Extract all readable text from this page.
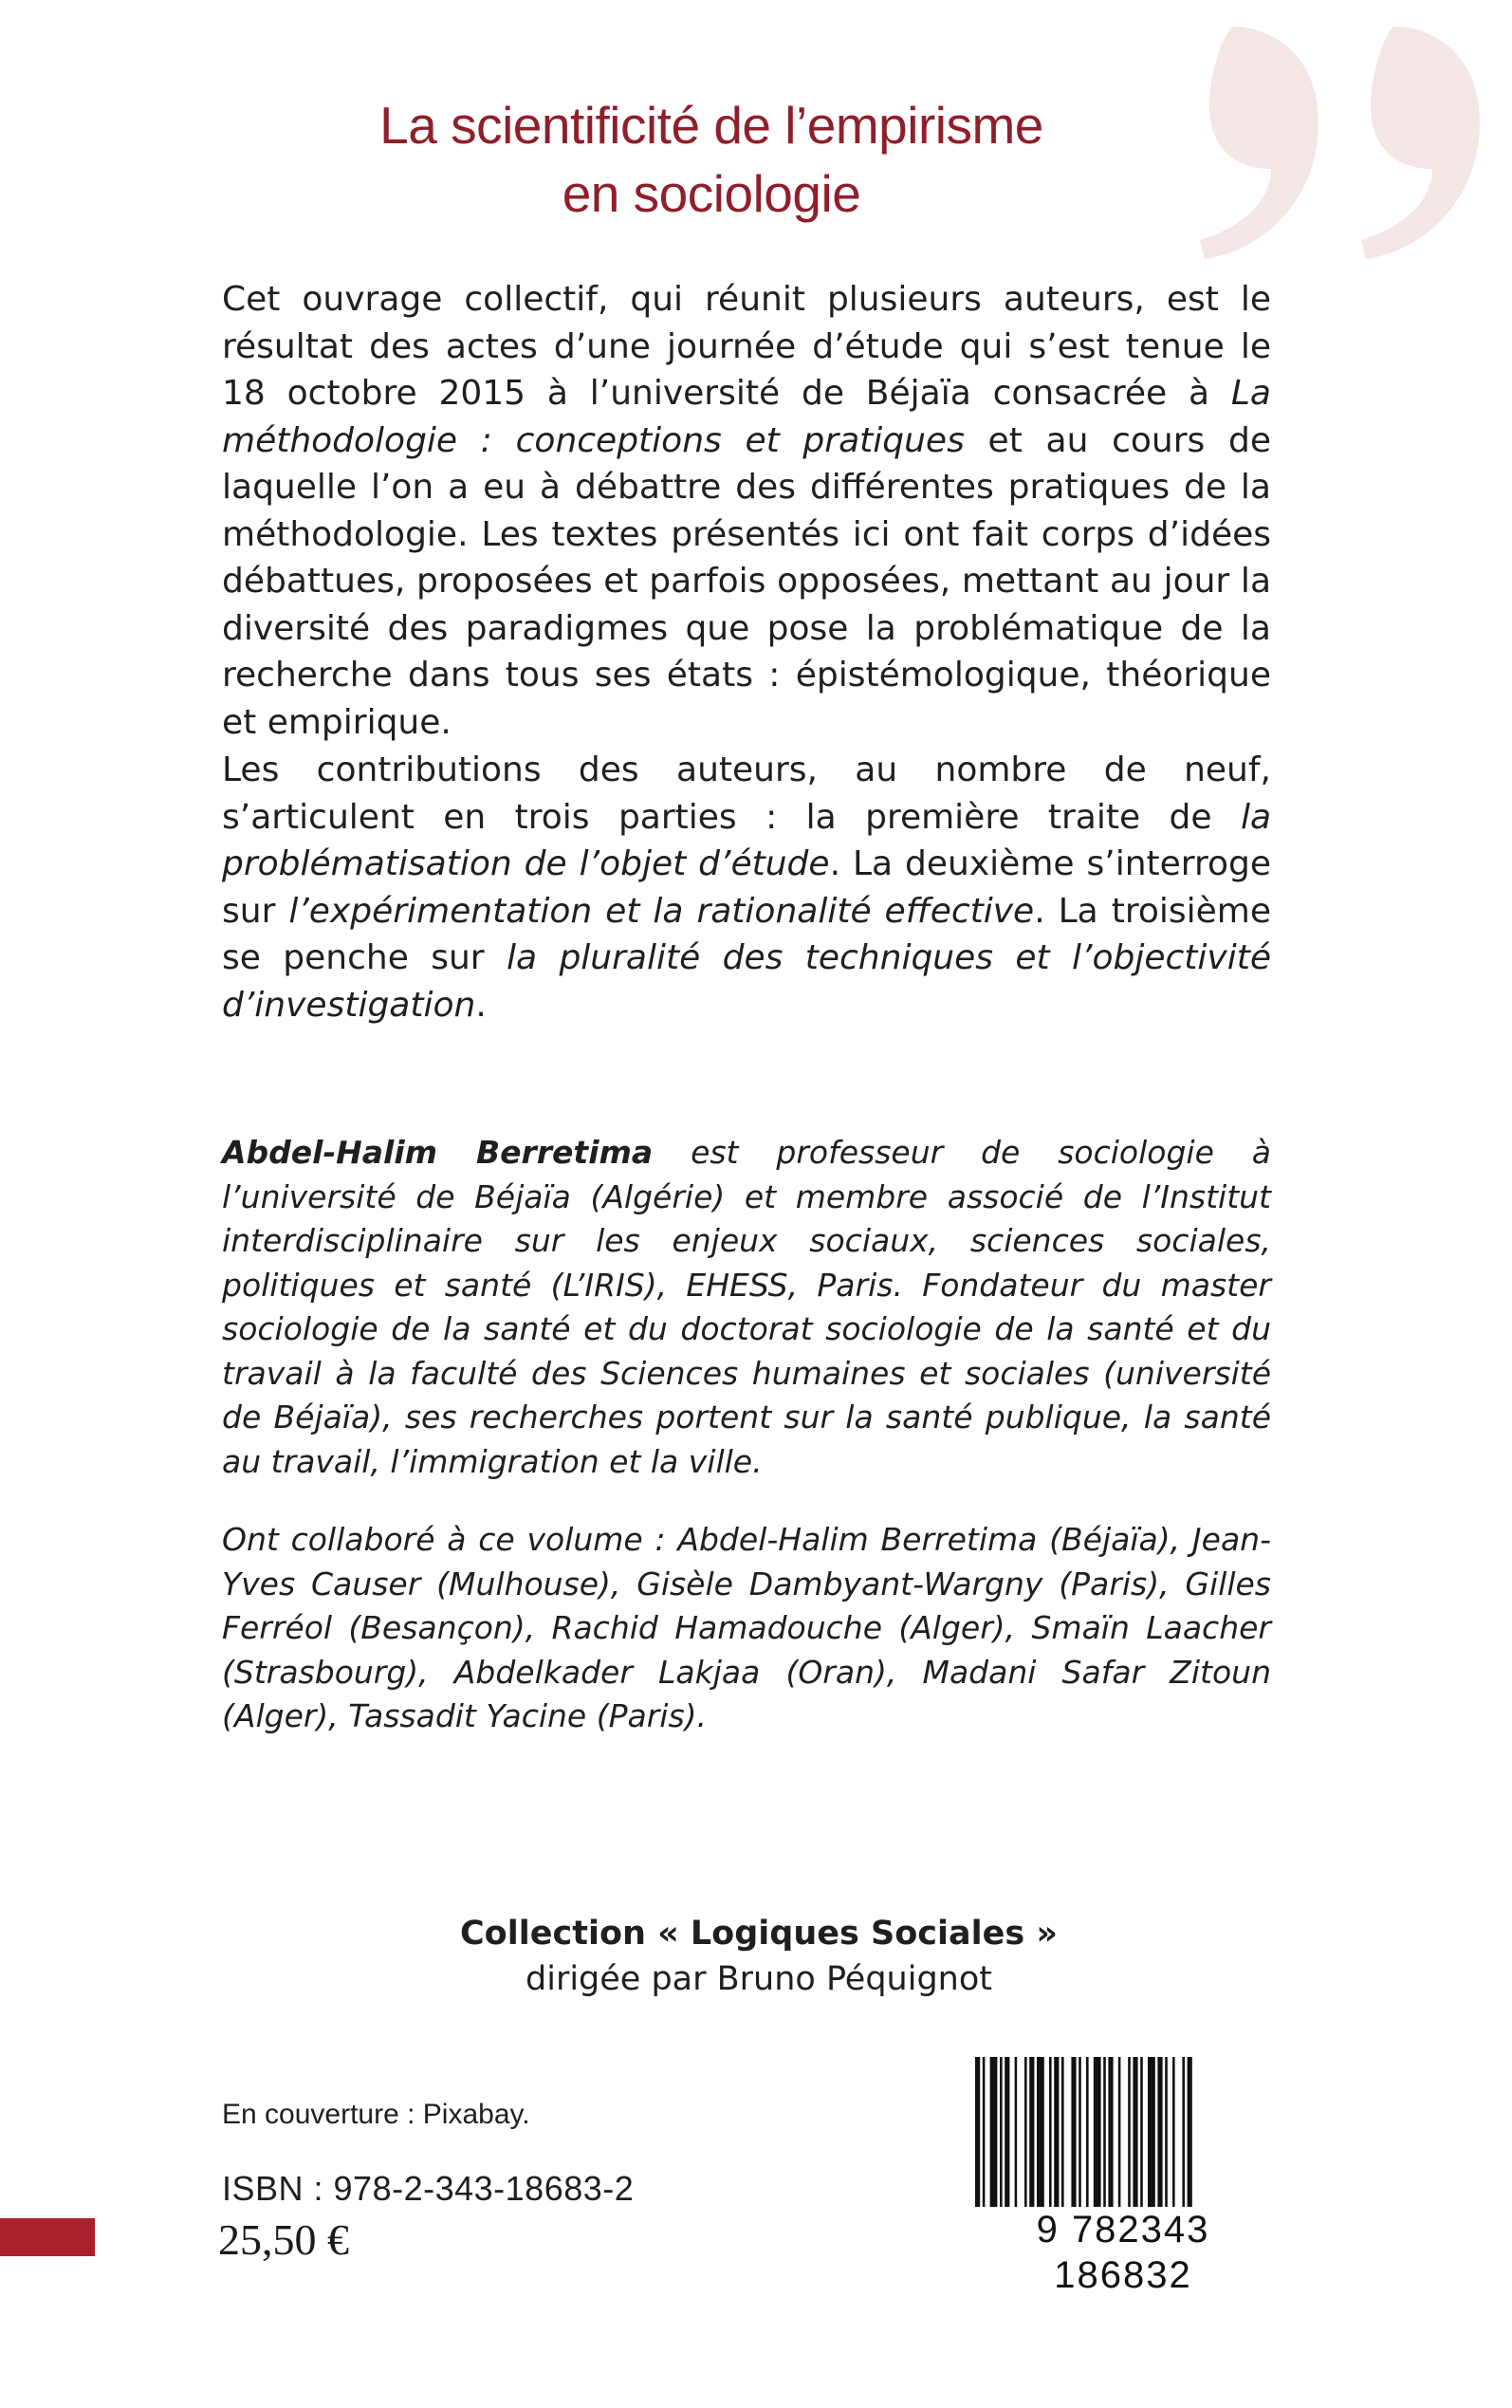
La scientificité de l’empirisme
en sociologie

Cet ouvrage collectif, qui réunit plusieurs auteurs, est le résultat des actes d’une journée d’étude qui s’est tenue le 18 octobre 2015 à l’université de Béjaïa consacrée à La méthodologie : conceptions et pratiques et au cours de laquelle l’on a eu à débattre des différentes pratiques de la méthodologie. Les textes présentés ici ont fait corps d’idées débattues, proposées et parfois opposées, mettant au jour la diversité des paradigmes que pose la problématique de la recherche dans tous ses états : épistémologique, théorique et empirique.

Les contributions des auteurs, au nombre de neuf, s’articulent en trois parties : la première traite de la problématisation de l’objet d’étude. La deuxième s’interroge sur l’expérimentation et la rationalité effective. La troisième se penche sur la pluralité des techniques et l’objectivité d’investigation.

Abdel-Halim Berretima est professeur de sociologie à l’université de Béjaïa (Algérie) et membre associé de l’Institut interdisciplinaire sur les enjeux sociaux, sciences sociales, politiques et santé (L’IRIS), EHESS, Paris. Fondateur du master sociologie de la santé et du doctorat sociologie de la santé et du travail à la faculté des Sciences humaines et sociales (université de Béjaïa), ses recherches portent sur la santé publique, la santé au travail, l’immigration et la ville.

Ont collaboré à ce volume : Abdel-Halim Berretima (Béjaïa), Jean-Yves Causer (Mulhouse), Gisèle Dambyant-Wargny (Paris), Gilles Ferréol (Besançon), Rachid Hamadouche (Alger), Smaïn Laacher (Strasbourg), Abdelkader Lakjaa (Oran), Madani Safar Zitoun (Alger), Tassadit Yacine (Paris).

Collection « Logiques Sociales »
dirigée par Bruno Péquignot
En couverture : Pixabay.
ISBN : 978-2-343-18683-2
25,50 €	9 782343 186832
